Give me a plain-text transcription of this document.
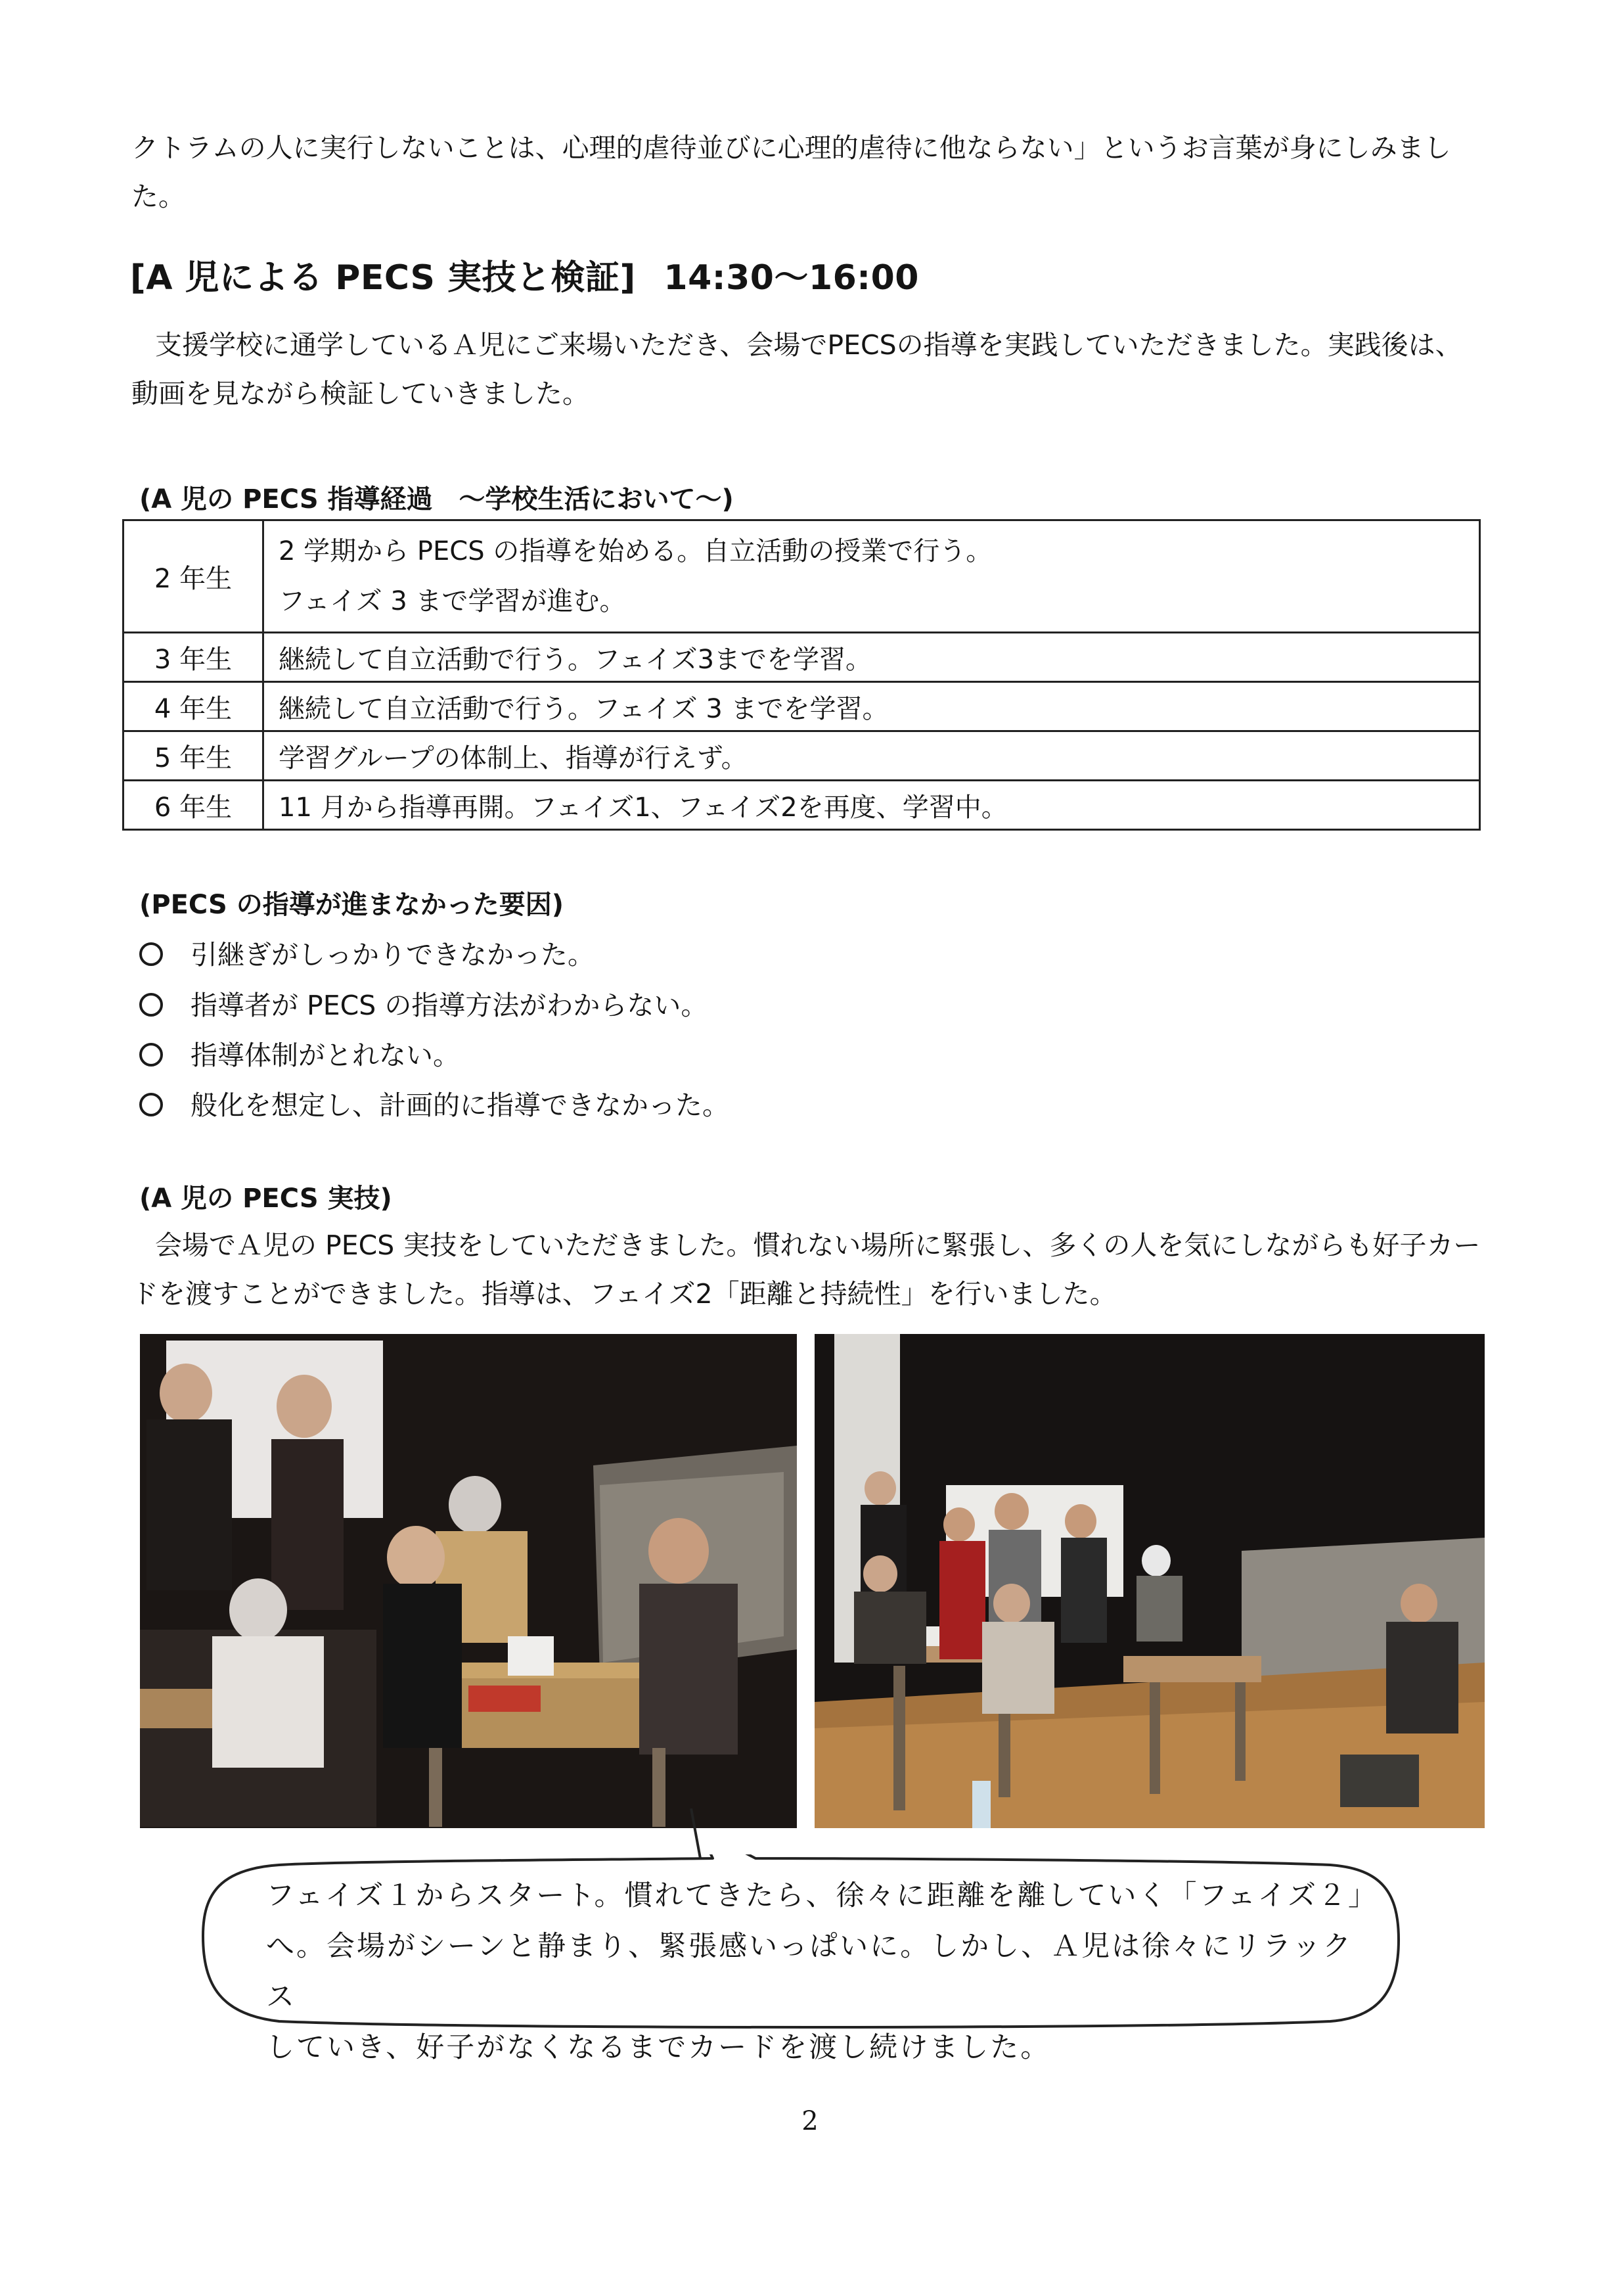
クトラムの人に実行しないことは、心理的虐待並びに心理的虐待に他ならない」というお言葉が身にしみまし
た。
[A 児による PECS 実技と検証] 14:30〜16:00
支援学校に通学しているＡ児にご来場いただき、会場でPECSの指導を実践していただきました。実践後は、
動画を見ながら検証していきました。
(A 児の PECS 指導経過　〜学校生活において〜)
2 年生	2 学期から PECS の指導を始める。自立活動の授業で行う。
フェイズ 3 まで学習が進む。

3 年生	継続して自立活動で行う。フェイズ3までを学習。
4 年生	継続して自立活動で行う。フェイズ 3 までを学習。
5 年生	学習グループの体制上、指導が行えず。
6 年生	11 月から指導再開。フェイズ1、フェイズ2を再度、学習中。
(PECS の指導が進まなかった要因)
引継ぎがしっかりできなかった。
指導者が PECS の指導方法がわからない。
指導体制がとれない。
般化を想定し、計画的に指導できなかった。
(A 児の PECS 実技)
会場でＡ児の PECS 実技をしていただきました。慣れない場所に緊張し、多くの人を気にしながらも好子カー
ドを渡すことができました。指導は、フェイズ2「距離と持続性」を行いました。
フェイズ１からスタート。慣れてきたら、徐々に距離を離していく「フェイズ２」
へ。会場がシーンと静まり、緊張感いっぱいに。しかし、Ａ児は徐々にリラックス
していき、好子がなくなるまでカードを渡し続けました。
2
